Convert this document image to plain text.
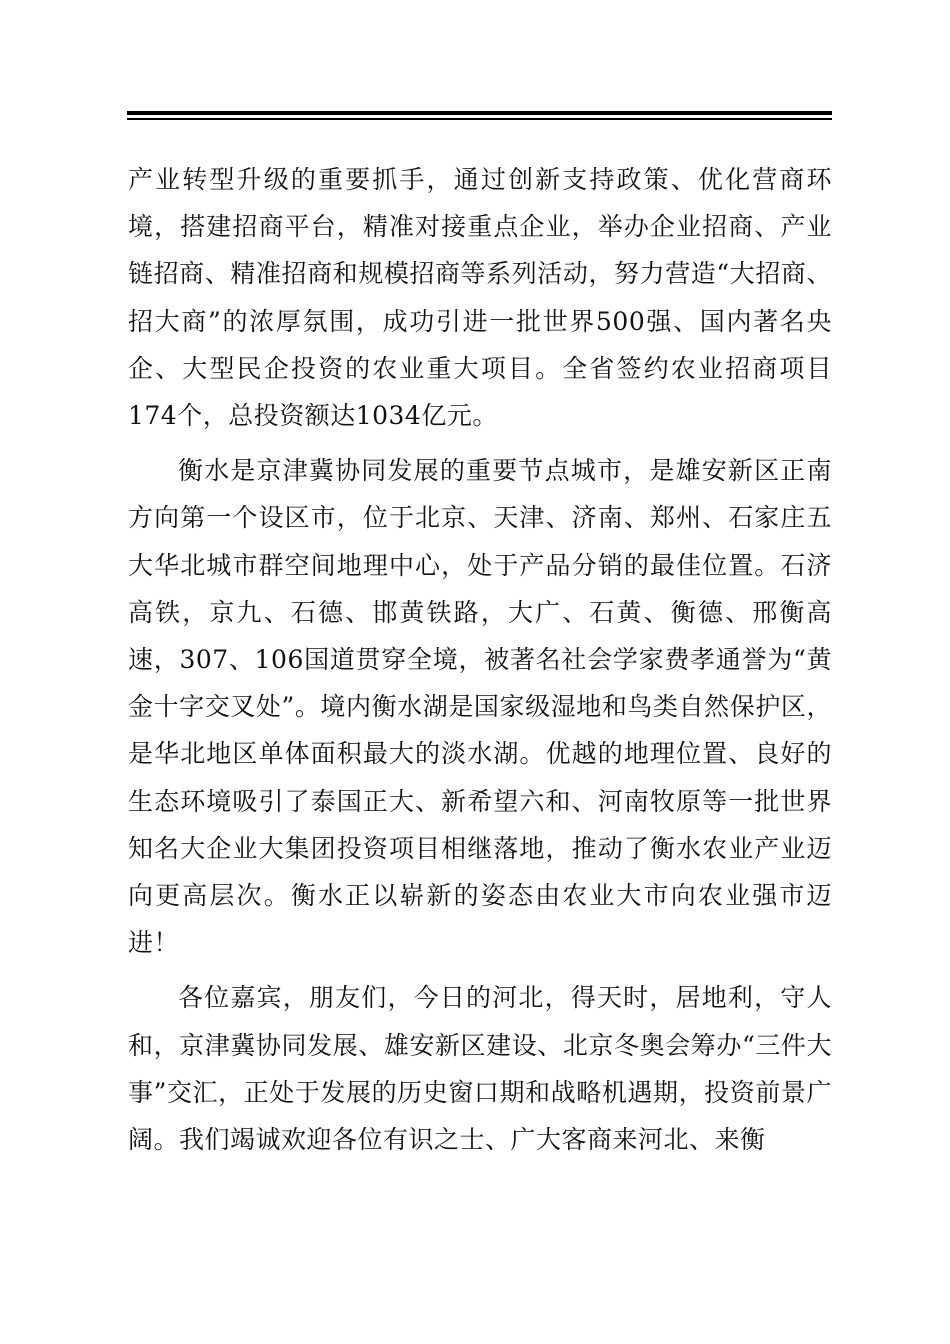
产业转型升级的重要抓手，通过创新支持政策、优化营商环境，搭建招商平台，精准对接重点企业，举办企业招商、产业链招商、精准招商和规模招商等系列活动，努力营造“大招商、招大商”的浓厚氛围，成功引进一批世界500强、国内著名央企、大型民企投资的农业重大项目。全省签约农业招商项目174个，总投资额达1034亿元。

衡水是京津冀协同发展的重要节点城市，是雄安新区正南方向第一个设区市，位于北京、天津、济南、郑州、石家庄五大华北城市群空间地理中心，处于产品分销的最佳位置。石济高铁，京九、石德、邯黄铁路，大广、石黄、衡德、邢衡高速，307、106国道贯穿全境，被著名社会学家费孝通誉为“黄金十字交叉处”。境内衡水湖是国家级湿地和鸟类自然保护区，是华北地区单体面积最大的淡水湖。优越的地理位置、良好的生态环境吸引了泰国正大、新希望六和、河南牧原等一批世界知名大企业大集团投资项目相继落地，推动了衡水农业产业迈向更高层次。衡水正以崭新的姿态由农业大市向农业强市迈进！

各位嘉宾，朋友们，今日的河北，得天时，居地利，守人和，京津冀协同发展、雄安新区建设、北京冬奥会筹办“三件大事”交汇，正处于发展的历史窗口期和战略机遇期，投资前景广阔。我们竭诚欢迎各位有识之士、广大客商来河北、来衡
